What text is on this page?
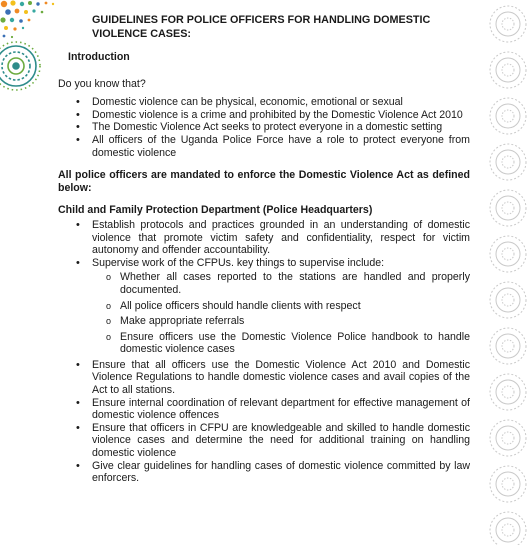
GUIDELINES FOR POLICE OFFICERS FOR HANDLING DOMESTIC VIOLENCE CASES:
Introduction
Do you know that?
• Domestic violence can be physical, economic, emotional or sexual
• Domestic violence is a crime and prohibited by the Domestic Violence Act 2010
• The Domestic Violence Act seeks to protect everyone in a domestic setting
• All officers of the Uganda Police Force have a role to protect everyone from domestic violence
All police officers are mandated to enforce the Domestic Violence Act as defined below:
Child and Family Protection Department (Police Headquarters)
• Establish protocols and practices grounded in an understanding of domestic violence that promote victim safety and confidentiality, respect for victim autonomy and offender accountability.
• Supervise work of the CFPUs. key things to supervise include:
o Whether all cases reported to the stations are handled and properly documented.
o All police officers should handle clients with respect
o Make appropriate referrals
o Ensure officers use the Domestic Violence Police handbook to handle domestic violence cases
• Ensure that all officers use the Domestic Violence Act 2010 and Domestic Violence Regulations to handle domestic violence cases and avail copies of the Act to all stations.
• Ensure internal coordination of relevant department for effective management of domestic violence offences
• Ensure that officers in CFPU are knowledgeable and skilled to handle domestic violence cases and determine the need for additional training on handling domestic violence
• Give clear guidelines for handling cases of domestic violence committed by law enforcers.
